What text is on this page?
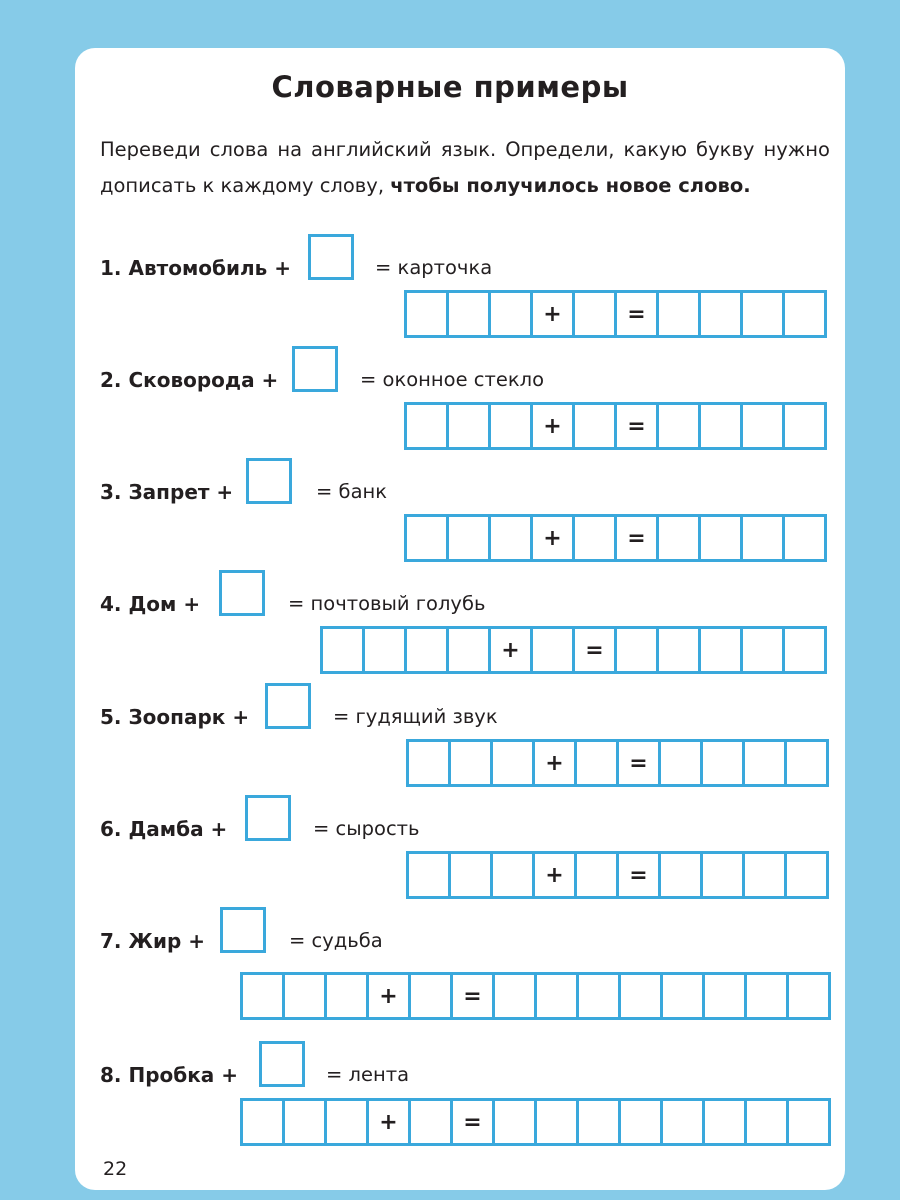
Словарные примеры
Переведи слова на английский язык. Определи, какую букву нужно дописать к каждому слову, чтобы получилось новое слово.
1. Автомобиль +	= карточка
+	=
2. Сковорода +	= оконное стекло
+	=
3. Запрет +	= банк
+	=
4. Дом +	= почтовый голубь
+	=
5. Зоопарк +	= гудящий звук
+	=
6. Дамба +	= сырость
+	=
7. Жир +	= судьба
+	=
8. Пробка +	= лента
+	=
22
